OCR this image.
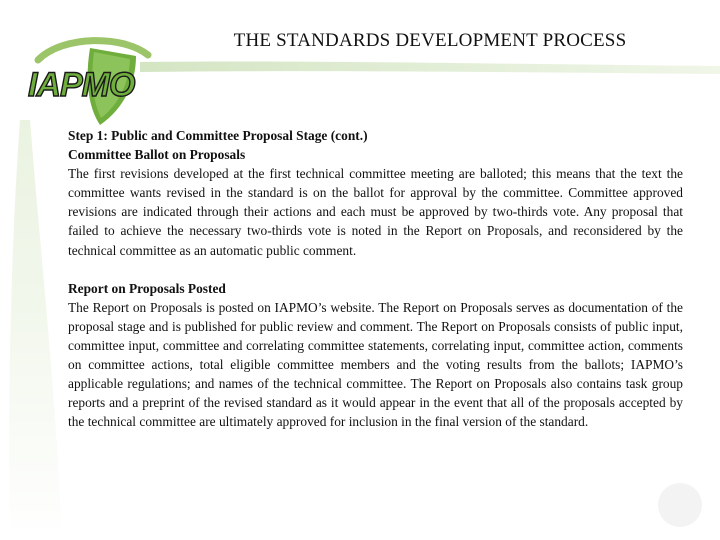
IAPMO
THE STANDARDS DEVELOPMENT PROCESS

Step 1: Public and Committee Proposal Stage (cont.)

Committee Ballot on Proposals

The first revisions developed at the first technical committee meeting are balloted; this means that the text the committee wants revised in the standard is on the ballot for approval by the committee. Committee approved revisions are indicated through their actions and each must be approved by two-thirds vote. Any proposal that failed to achieve the necessary two-thirds vote is noted in the Report on Proposals, and reconsidered by the technical committee as an automatic public comment.

Report on Proposals Posted

The Report on Proposals is posted on IAPMO’s website. The Report on Proposals serves as documentation of the proposal stage and is published for public review and comment. The Report on Proposals consists of public input, committee input, committee and correlating committee statements, correlating input, committee action, comments on committee actions, total eligible committee members and the voting results from the ballots; IAPMO’s applicable regulations; and names of the technical committee. The Report on Proposals also contains task group reports and a preprint of the revised standard as it would appear in the event that all of the proposals accepted by the technical committee are ultimately approved for inclusion in the final version of the standard.
